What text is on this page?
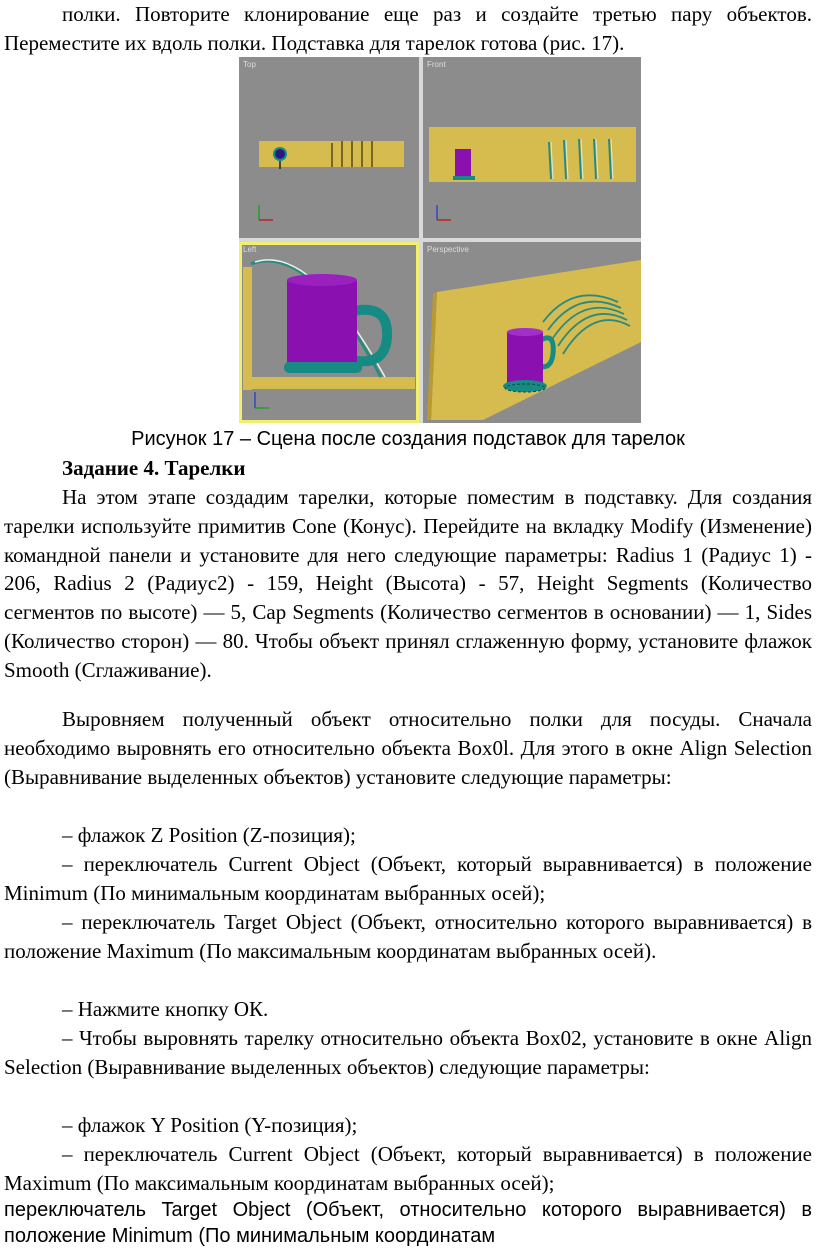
полки. Повторите клонирование еще раз и создайте третью пару объектов. Переместите их вдоль полки. Подставка для тарелок готова (рис. 17).

Top	Front
Left	Perspective

Рисунок 17 – Сцена после создания подставок для тарелок

Задание 4. Тарелки

На этом этапе создадим тарелки, которые поместим в подставку. Для создания тарелки используйте примитив Cone (Конус). Перейдите на вкладку Modify (Изменение) командной панели и установите для него следующие параметры: Radius 1 (Радиус 1) - 206, Radius 2 (Радиус2) - 159, Height (Высота) - 57, Height Segments (Количество сегментов по высоте) — 5, Cap Segments (Количество сегментов в основании) — 1, Sides (Количество сторон) — 80. Чтобы объект принял сглаженную форму, установите флажок Smooth (Сглаживание).

Выровняем полученный объект относительно полки для посуды. Сначала необходимо выровнять его относительно объекта Box0l. Для этого в окне Align Selection (Выравнивание выделенных объектов) установите следующие параметры:

– флажок Z Position (Z-позиция);

– переключатель Current Object (Объект, который выравнивается) в положение Minimum (По минимальным координатам выбранных осей);

– переключатель Target Object (Объект, относительно которого выравнивается) в положение Maximum (По максимальным координатам выбранных осей).

– Нажмите кнопку ОК.

– Чтобы выровнять тарелку относительно объекта Box02, установите в окне Align Selection (Выравнивание выделенных объектов) следующие параметры:

– флажок Y Position (Y-позиция);

– переключатель Current Object (Объект, который выравнивается) в положение Maximum (По максимальным координатам выбранных осей);

переключатель Target Object (Объект, относительно которого выравнивается) в положение Minimum (По минимальным координатам
